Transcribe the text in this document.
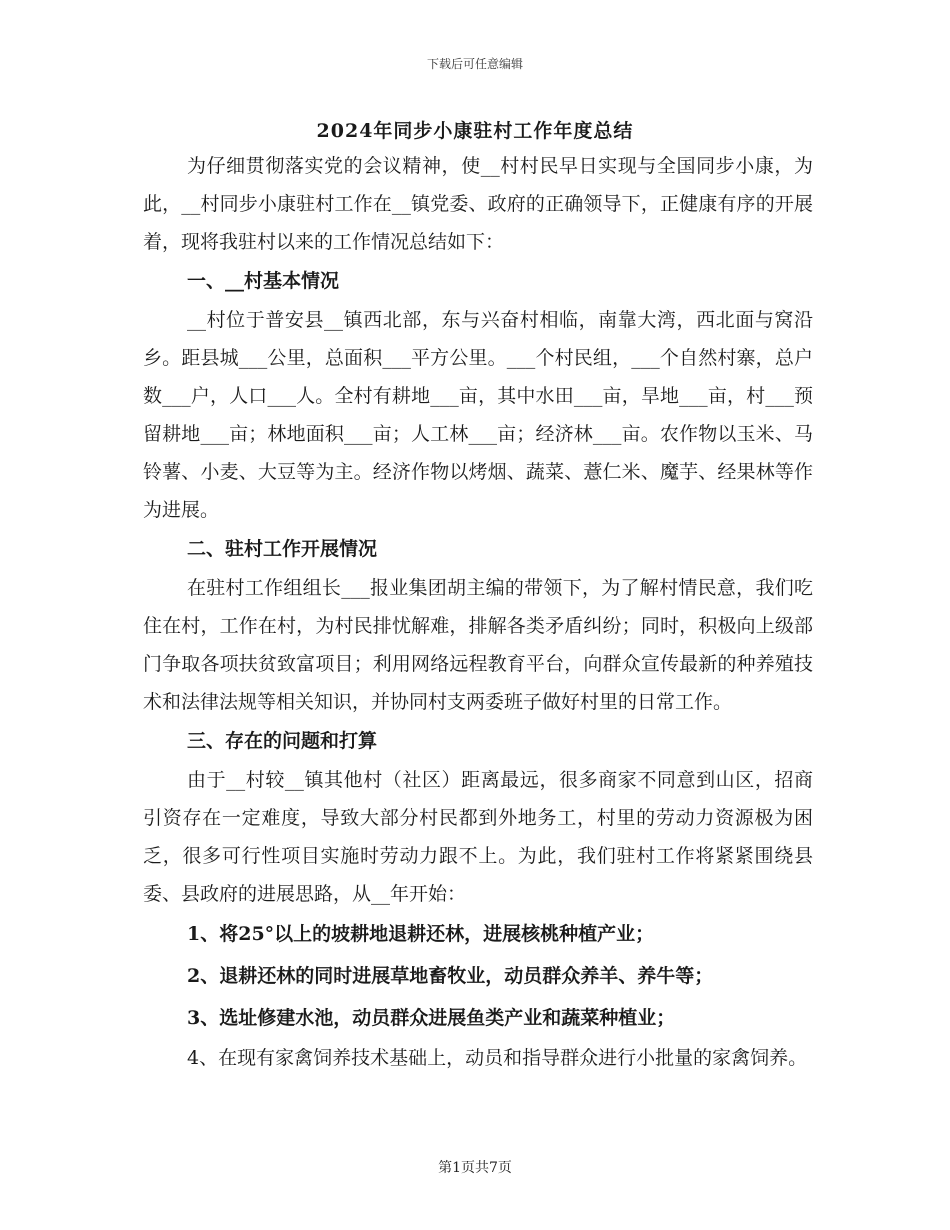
下载后可任意编辑
2024年同步小康驻村工作年度总结

为仔细贯彻落实党的会议精神，使__村村民早日实现与全国同步小康，为此，__村同步小康驻村工作在__镇党委、政府的正确领导下，正健康有序的开展着，现将我驻村以来的工作情况总结如下：

一、__村基本情况

__村位于普安县__镇西北部，东与兴奋村相临，南靠大湾，西北面与窝沿乡。距县城___公里，总面积___平方公里。___个村民组，___个自然村寨，总户数___户，人口___人。全村有耕地___亩，其中水田___亩，旱地___亩，村___预留耕地___亩；林地面积___亩；人工林___亩；经济林___亩。农作物以玉米、马铃薯、小麦、大豆等为主。经济作物以烤烟、蔬菜、薏仁米、魔芋、经果林等作为进展。

二、驻村工作开展情况

在驻村工作组组长___报业集团胡主编的带领下，为了解村情民意，我们吃住在村，工作在村，为村民排忧解难，排解各类矛盾纠纷；同时，积极向上级部门争取各项扶贫致富项目；利用网络远程教育平台，向群众宣传最新的种养殖技术和法律法规等相关知识，并协同村支两委班子做好村里的日常工作。

三、存在的问题和打算

由于__村较__镇其他村（社区）距离最远，很多商家不同意到山区，招商引资存在一定难度，导致大部分村民都到外地务工，村里的劳动力资源极为困乏，很多可行性项目实施时劳动力跟不上。为此，我们驻村工作将紧紧围绕县委、县政府的进展思路，从__年开始：

1、将25°以上的坡耕地退耕还林，进展核桃种植产业；

2、退耕还林的同时进展草地畜牧业，动员群众养羊、养牛等；

3、选址修建水池，动员群众进展鱼类产业和蔬菜种植业；

4、在现有家禽饲养技术基础上，动员和指导群众进行小批量的家禽饲养。

第1页共7页
